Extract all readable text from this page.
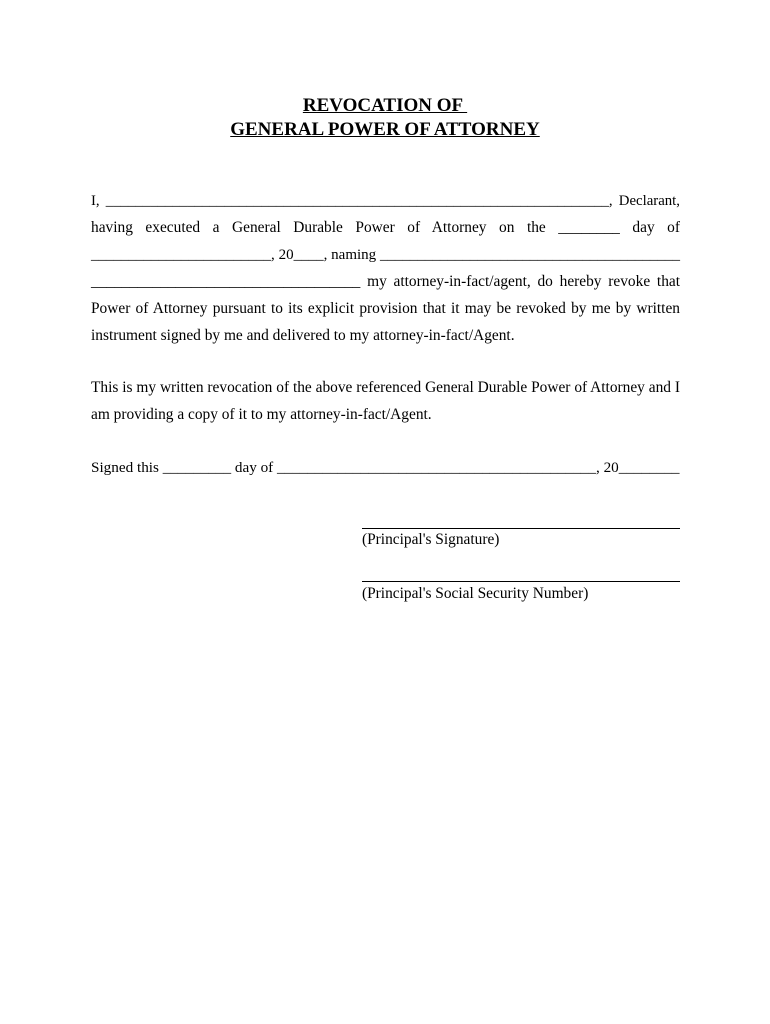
REVOCATION OF
GENERAL POWER OF ATTORNEY
I, ____________________________________________________________________, Declarant,
having executed a General Durable Power of Attorney on the ________ day of
________________________, 20____, naming ________________________________________
___________________________________ my attorney-in-fact/agent, do hereby revoke that
Power of Attorney pursuant to its explicit provision that it may be revoked by me by written
instrument signed by me and delivered to my attorney-in-fact/Agent.
This is my written revocation of the above referenced General Durable Power of Attorney and I
am providing a copy of it to my attorney-in-fact/Agent.
Signed this _________ day of __________________________________________, 20________
(Principal's Signature)
(Principal's Social Security Number)
